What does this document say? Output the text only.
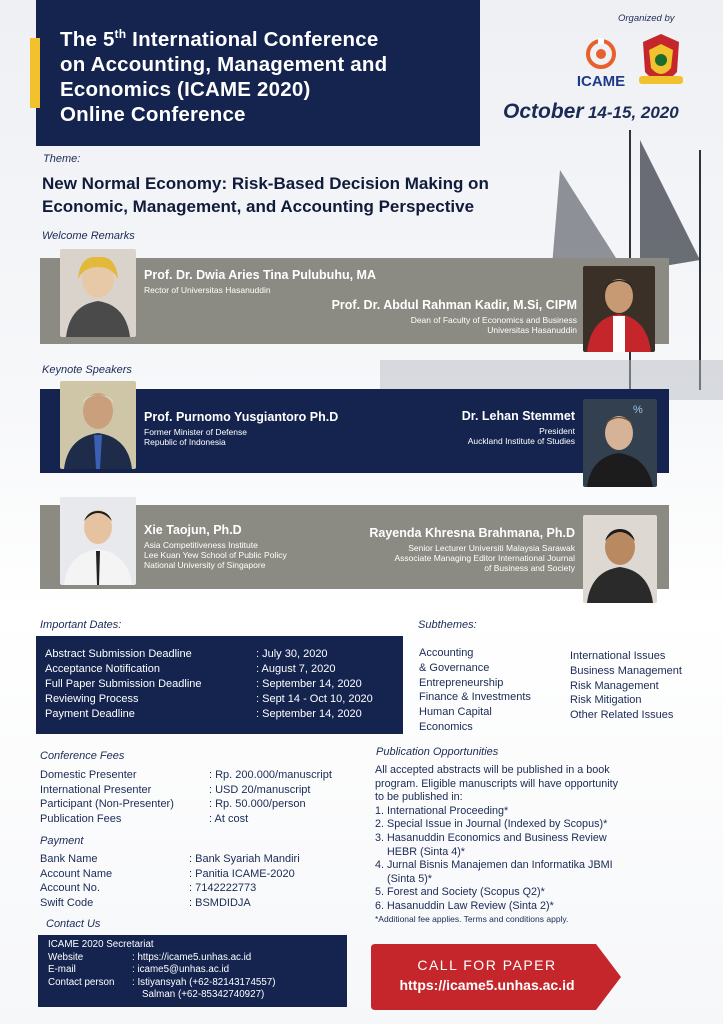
The 5th International Conference
on Accounting, Management and
Economics (ICAME 2020)
Online Conference
Organized by
ICAME
October 14-15, 2020
Theme:
New Normal Economy: Risk-Based Decision Making on
Economic, Management, and Accounting Perspective
Welcome Remarks
Prof. Dr. Dwia Aries Tina Pulubuhu, MA
Rector of Universitas Hasanuddin
Prof. Dr. Abdul Rahman Kadir, M.Si, CIPM
Dean of Faculty of Economics and Business
Universitas Hasanuddin
Keynote Speakers
Prof. Purnomo Yusgiantoro Ph.D
Former Minister of Defense
Republic of Indonesia
Dr. Lehan Stemmet
President
Auckland Institute of Studies
%
Xie Taojun, Ph.D
Asia Competitiveness Institute
Lee Kuan Yew School of Public Policy
National University of Singapore
Rayenda Khresna Brahmana, Ph.D
Senior Lecturer Universiti Malaysia Sarawak
Associate Managing Editor International Journal
of Business and Society
Important Dates:
Abstract Submission Deadline	: July 30, 2020
Acceptance Notification	: August 7, 2020
Full Paper Submission Deadline	: September 14, 2020
Reviewing Process	: Sept 14 - Oct 10, 2020
Payment Deadline	: September 14, 2020
Subthemes:
Accounting
& Governance
Entrepreneurship
Finance & Investments
Human Capital
Economics
International Issues
Business Management
Risk Management
Risk Mitigation
Other Related Issues
Conference Fees
Domestic Presenter	: Rp. 200.000/manuscript
International Presenter	: USD 20/manuscript
Participant (Non-Presenter)	: Rp. 50.000/person
Publication Fees	: At cost
Payment
Bank Name	: Bank Syariah Mandiri
Account Name	: Panitia ICAME-2020
Account No.	: 7142222773
Swift Code	: BSMDIDJA
Publication Opportunities
All accepted abstracts will be published in a book
program. Eligible manuscripts will have opportunity
to be published in:
1. International Proceeding*
2. Special Issue in Journal (Indexed by Scopus)*
3. Hasanuddin Economics and Business Review
HEBR (Sinta 4)*
4. Jurnal Bisnis Manajemen dan Informatika JBMI
(Sinta 5)*
5. Forest and Society (Scopus Q2)*
6. Hasanuddin Law Review (Sinta 2)*
*Additional fee applies. Terms and conditions apply.
Contact Us
ICAME 2020 Secretariat
Website	: https://icame5.unhas.ac.id
E-mail	: icame5@unhas.ac.id
Contact person	: Istiyansyah (+62-82143174557)
Salman (+62-85342740927)
CALL FOR PAPER
https://icame5.unhas.ac.id
